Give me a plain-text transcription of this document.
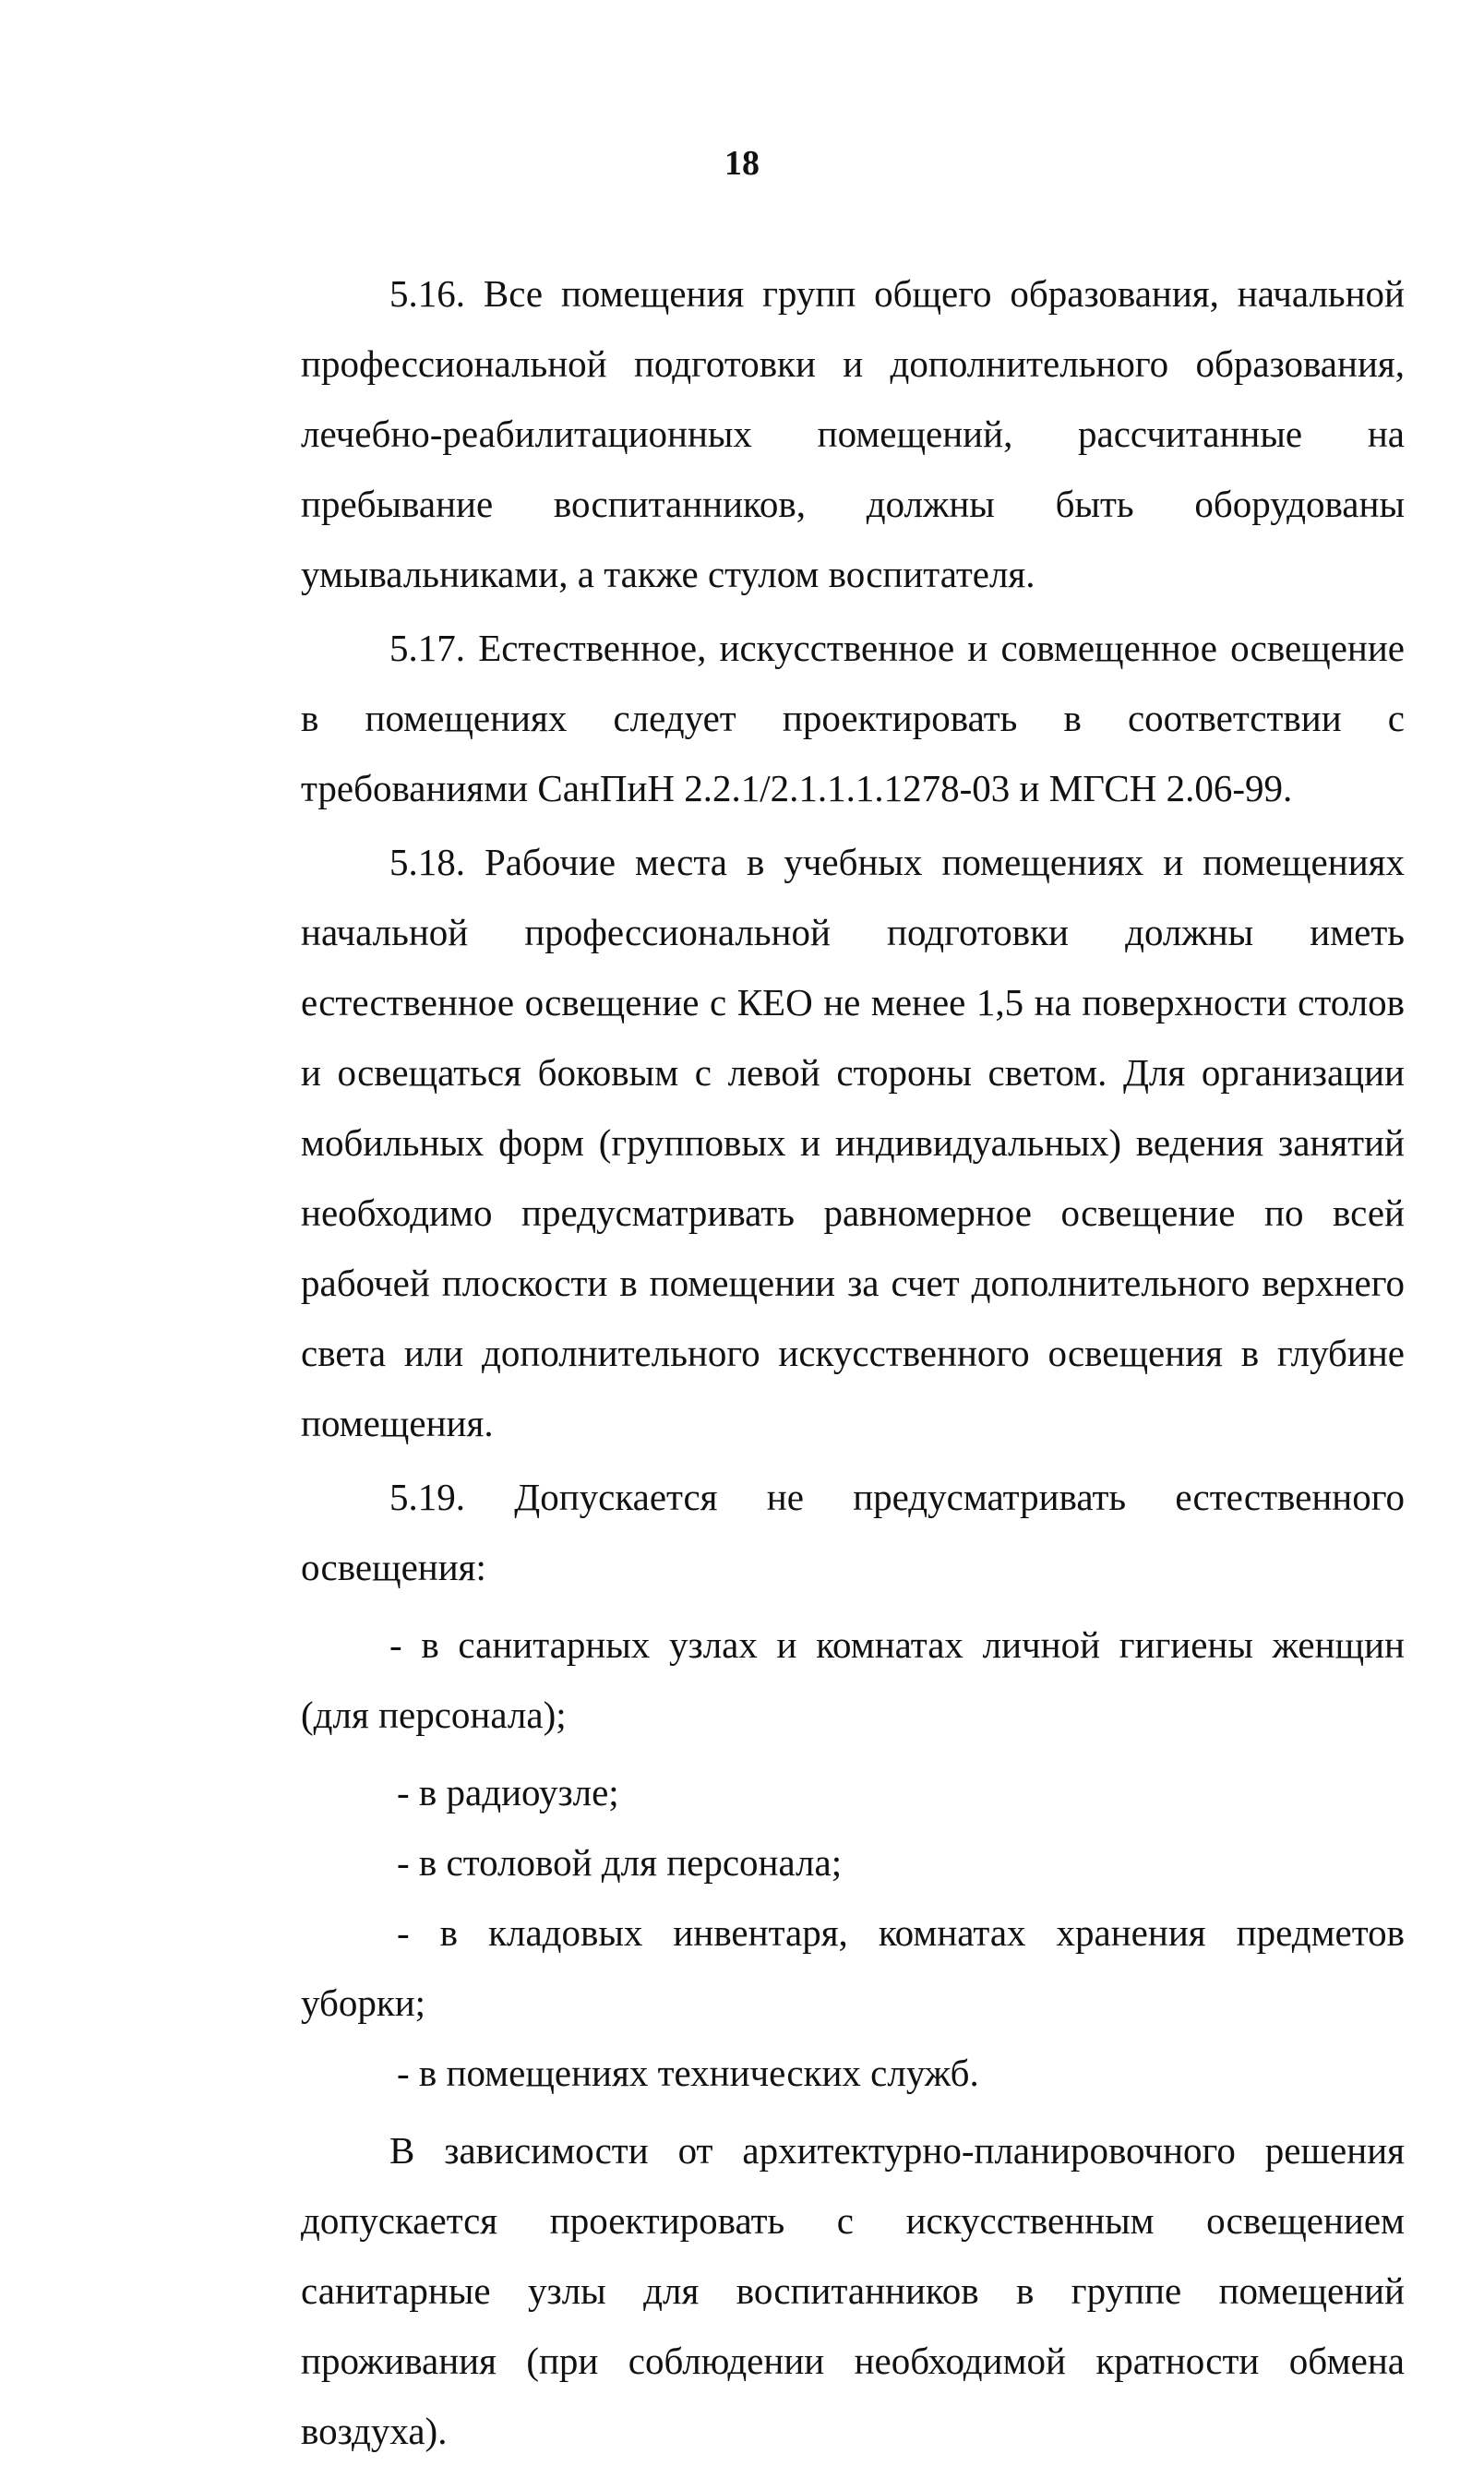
18

5.16. Все помещения групп общего образования, начальной профессиональной подготовки и дополнительного образования, лечебно-реабилитационных помещений, рассчитанные на пребывание воспитанников, должны быть оборудованы умывальниками, а также стулом воспитателя.

5.17. Естественное, искусственное и совмещенное освещение в помещениях следует проектировать в соответствии с требованиями СанПиН 2.2.1/2.1.1.1.1278-03 и МГСН 2.06-99.

5.18. Рабочие места в учебных помещениях и помещениях начальной профессиональной подготовки должны иметь естественное освещение с КЕО не менее 1,5 на поверхности столов и освещаться боковым с левой стороны светом. Для организации мобильных форм (групповых и индивидуальных) ведения занятий необходимо предусматривать равномерное освещение по всей рабочей плоскости в помещении за счет дополнительного верхнего света или дополнительного искусственного освещения в глубине помещения.

5.19. Допускается не предусматривать естественного освещения:

- в санитарных узлах и комнатах личной гигиены женщин (для персонала);

- в радиоузле;

- в столовой для персонала;

- в кладовых инвентаря, комнатах хранения предметов уборки;

- в помещениях технических служб.

В зависимости от архитектурно-планировочного решения допускается проектировать с искусственным освещением санитарные узлы для воспитанников в группе помещений проживания (при соблюдении необходимой кратности обмена воздуха).
